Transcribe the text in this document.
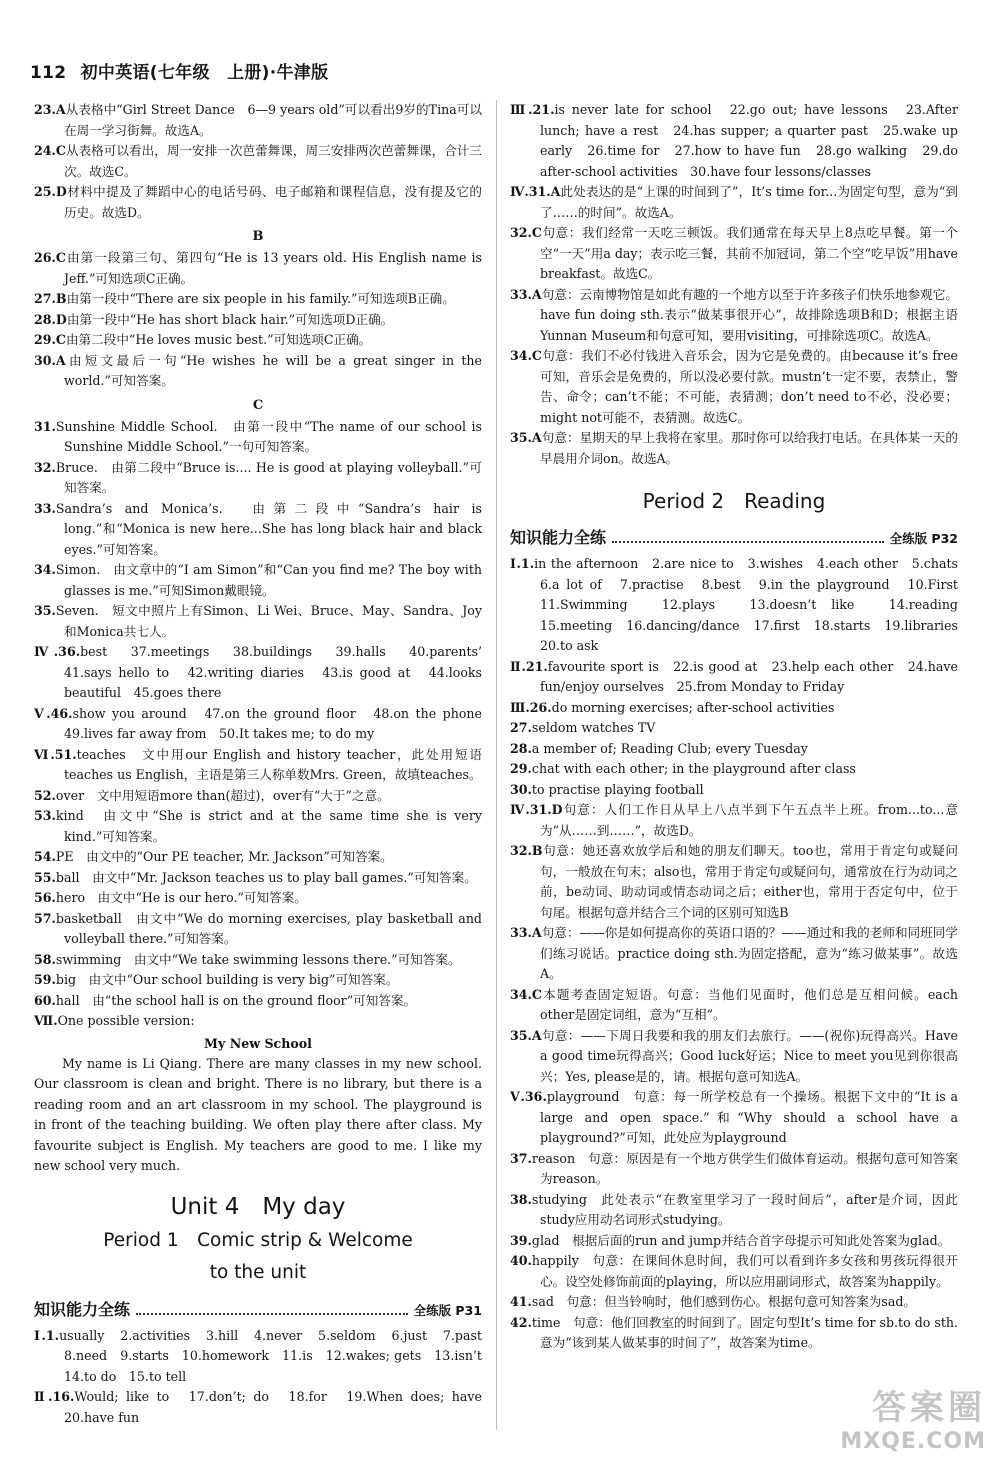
112 初中英语(七年级　上册)·牛津版
23.A从表格中“Girl Street Dance　6—9 years old”可以看出9岁的Tina可以在周一学习街舞。故选A。
24.C从表格可以看出，周一安排一次芭蕾舞课，周三安排两次芭蕾舞课，合计三次。故选C。
25.D材料中提及了舞蹈中心的电话号码、电子邮箱和课程信息，没有提及它的历史。故选D。
B
26.C由第一段第三句、第四句“He is 13 years old. His English name is Jeff.”可知选项C正确。
27.B由第一段中“There are six people in his family.”可知选项B正确。
28.D由第一段中“He has short black hair.”可知选项D正确。
29.C由第二段中“He loves music best.”可知选项C正确。
30.A由短文最后一句“He wishes he will be a great singer in the world.”可知答案。
C
31.Sunshine Middle School.　由第一段中“The name of our school is Sunshine Middle School.”一句可知答案。
32.Bruce.　由第二段中“Bruce is.... He is good at playing volleyball.”可知答案。
33.Sandra’s and Monica’s.　由第二段中“Sandra’s hair is long.”和“Monica is new here...She has long black hair and black eyes.”可知答案。
34.Simon.　由文章中的“I am Simon”和“Can you find me? The boy with glasses is me.”可知Simon戴眼镜。
35.Seven.　短文中照片上有Simon、Li Wei、Bruce、May、Sandra、Joy和Monica共七人。
Ⅳ.36.best　37.meetings　38.buildings　39.halls　40.parents’　41.says hello to　42.writing diaries　43.is good at　44.looks beautiful　45.goes there
Ⅴ.46.show you around　47.on the ground floor　48.on the phone　49.lives far away from　50.It takes me; to do my
Ⅵ.51.teaches　文中用our English and history teacher，此处用短语teaches us English，主语是第三人称单数Mrs. Green，故填teaches。
52.over　文中用短语more than(超过)，over有“大于”之意。
53.kind　由文中“She is strict and at the same time she is very kind.”可知答案。
54.PE　由文中的“Our PE teacher, Mr. Jackson”可知答案。
55.ball　由文中“Mr. Jackson teaches us to play ball games.”可知答案。
56.hero　由文中“He is our hero.”可知答案。
57.basketball　由文中“We do morning exercises, play basketball and volleyball there.”可知答案。
58.swimming　由文中“We take swimming lessons there.”可知答案。
59.big　由文中“Our school building is very big”可知答案。
60.hall　由“the school hall is on the ground floor”可知答案。
Ⅶ.One possible version:
My New School
My name is Li Qiang. There are many classes in my new school. Our classroom is clean and bright. There is no library, but there is a reading room and an art classroom in my school. The playground is in front of the teaching building. We often play there after class. My favourite subject is English. My teachers are good to me. I like my new school very much.
Unit 4　My day
Period 1　Comic strip & Welcome
to the unit
知识能力全练	全练版 P31
Ⅰ.1.usually　2.activities　3.hill　4.never　5.seldom　6.just　7.past　8.need　9.starts　10.homework　11.is　12.wakes; gets　13.isn’t　14.to do　15.to tell
Ⅱ.16.Would; like to　17.don’t; do　18.for　19.When does; have　20.have fun
Ⅲ.21.is never late for school　22.go out; have lessons　23.After lunch; have a rest　24.has supper; a quarter past　25.wake up early　26.time for　27.how to have fun　28.go walking　29.do after-school activities　30.have four lessons/classes
Ⅳ.31.A此处表达的是“上课的时间到了”，It’s time for...为固定句型，意为“到了……的时间”。故选A。
32.C句意：我们经常一天吃三顿饭。我们通常在每天早上8点吃早餐。第一个空“一天”用a day；表示吃三餐，其前不加冠词，第二个空“吃早饭”用have breakfast。故选C。
33.A句意：云南博物馆是如此有趣的一个地方以至于许多孩子们快乐地参观它。have fun doing sth.表示“做某事很开心”，故排除选项B和D；根据主语Yunnan Museum和句意可知，要用visiting，可排除选项C。故选A。
34.C句意：我们不必付钱进入音乐会，因为它是免费的。由because it’s free可知，音乐会是免费的，所以没必要付款。mustn’t一定不要，表禁止，警告、命令；can’t不能；不可能，表猜测；don’t need to不必，没必要；might not可能不，表猜测。故选C。
35.A句意：星期天的早上我将在家里。那时你可以给我打电话。在具体某一天的早晨用介词on。故选A。
Period 2　Reading
知识能力全练	全练版 P32
Ⅰ.1.in the afternoon　2.are nice to　3.wishes　4.each other　5.chats　6.a lot of　7.practise　8.best　9.in the playground　10.First　11.Swimming　12.plays　13.doesn’t like　14.reading　15.meeting　16.dancing/dance　17.first　18.starts　19.libraries　20.to ask
Ⅱ.21.favourite sport is　22.is good at　23.help each other　24.have fun/enjoy ourselves　25.from Monday to Friday
Ⅲ.26.do morning exercises; after-school activities
27.seldom watches TV
28.a member of; Reading Club; every Tuesday
29.chat with each other; in the playground after class
30.to practise playing football
Ⅳ.31.D句意：人们工作日从早上八点半到下午五点半上班。from...to...意为“从……到……”，故选D。
32.B句意：她还喜欢放学后和她的朋友们聊天。too也，常用于肯定句或疑问句，一般放在句末；also也，常用于肯定句或疑问句，通常放在行为动词之前，be动词、助动词或情态动词之后；either也，常用于否定句中，位于句尾。根据句意并结合三个词的区别可知选B
33.A句意：——你是如何提高你的英语口语的？——通过和我的老师和同班同学们练习说话。practice doing sth.为固定搭配，意为“练习做某事”。故选A。
34.C本题考查固定短语。句意：当他们见面时，他们总是互相问候。each other是固定词组，意为“互相”。
35.A句意：——下周日我要和我的朋友们去旅行。——(祝你)玩得高兴。Have a good time玩得高兴；Good luck好运；Nice to meet you见到你很高兴；Yes, please是的，请。根据句意可知选A。
Ⅴ.36.playground　句意：每一所学校总有一个操场。根据下文中的“It is a large and open space.”和“Why should a school have a playground?”可知，此处应为playground
37.reason　句意：原因是有一个地方供学生们做体育运动。根据句意可知答案为reason。
38.studying　此处表示“在教室里学习了一段时间后”，after是介词，因此study应用动名词形式studying。
39.glad　根据后面的run and jump并结合首字母提示可知此处答案为glad。
40.happily　句意：在课间休息时间，我们可以看到许多女孩和男孩玩得很开心。设空处修饰前面的playing，所以应用副词形式，故答案为happily。
41.sad　句意：但当铃响时，他们感到伤心。根据句意可知答案为sad。
42.time　句意：他们回教室的时间到了。固定句型It’s time for sb.to do sth.意为“该到某人做某事的时间了”，故答案为time。
答案圈
MXQE.COM
